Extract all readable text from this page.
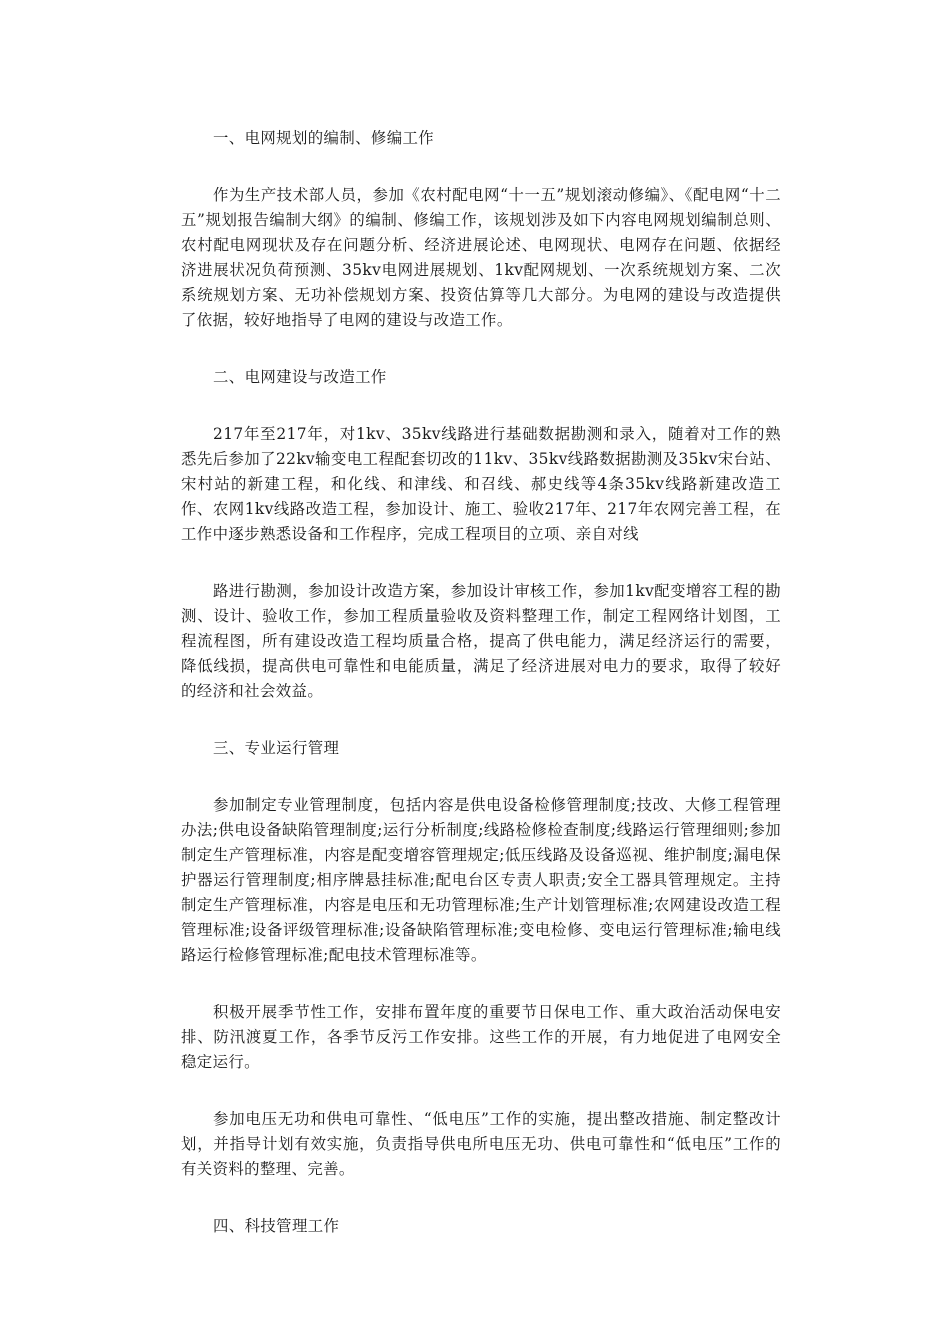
一、电网规划的编制、修编工作

作为生产技术部人员，参加《农村配电网“十一五”规划滚动修编》、《配电网“十二五”规划报告编制大纲》的编制、修编工作，该规划涉及如下内容电网规划编制总则、农村配电网现状及存在问题分析、经济进展论述、电网现状、电网存在问题、依据经济进展状况负荷预测、35kv电网进展规划、1kv配网规划、一次系统规划方案、二次系统规划方案、无功补偿规划方案、投资估算等几大部分。为电网的建设与改造提供了依据，较好地指导了电网的建设与改造工作。

二、电网建设与改造工作

217年至217年，对1kv、35kv线路进行基础数据勘测和录入，随着对工作的熟悉先后参加了22kv输变电工程配套切改的11kv、35kv线路数据勘测及35kv宋台站、宋村站的新建工程，和化线、和津线、和召线、郝史线等4条35kv线路新建改造工作、农网1kv线路改造工程，参加设计、施工、验收217年、217年农网完善工程，在工作中逐步熟悉设备和工作程序，完成工程项目的立项、亲自对线

路进行勘测，参加设计改造方案，参加设计审核工作，参加1kv配变增容工程的勘测、设计、验收工作，参加工程质量验收及资料整理工作，制定工程网络计划图，工程流程图，所有建设改造工程均质量合格，提高了供电能力，满足经济运行的需要，降低线损，提高供电可靠性和电能质量，满足了经济进展对电力的要求，取得了较好的经济和社会效益。

三、专业运行管理

参加制定专业管理制度，包括内容是供电设备检修管理制度;技改、大修工程管理办法;供电设备缺陷管理制度;运行分析制度;线路检修检查制度;线路运行管理细则;参加制定生产管理标准，内容是配变增容管理规定;低压线路及设备巡视、维护制度;漏电保护器运行管理制度;相序牌悬挂标准;配电台区专责人职责;安全工器具管理规定。主持制定生产管理标准，内容是电压和无功管理标准;生产计划管理标准;农网建设改造工程管理标准;设备评级管理标准;设备缺陷管理标准;变电检修、变电运行管理标准;输电线路运行检修管理标准;配电技术管理标准等。

积极开展季节性工作，安排布置年度的重要节日保电工作、重大政治活动保电安排、防汛渡夏工作，各季节反污工作安排。这些工作的开展，有力地促进了电网安全稳定运行。

参加电压无功和供电可靠性、“低电压”工作的实施，提出整改措施、制定整改计划，并指导计划有效实施，负责指导供电所电压无功、供电可靠性和“低电压”工作的有关资料的整理、完善。

四、科技管理工作
